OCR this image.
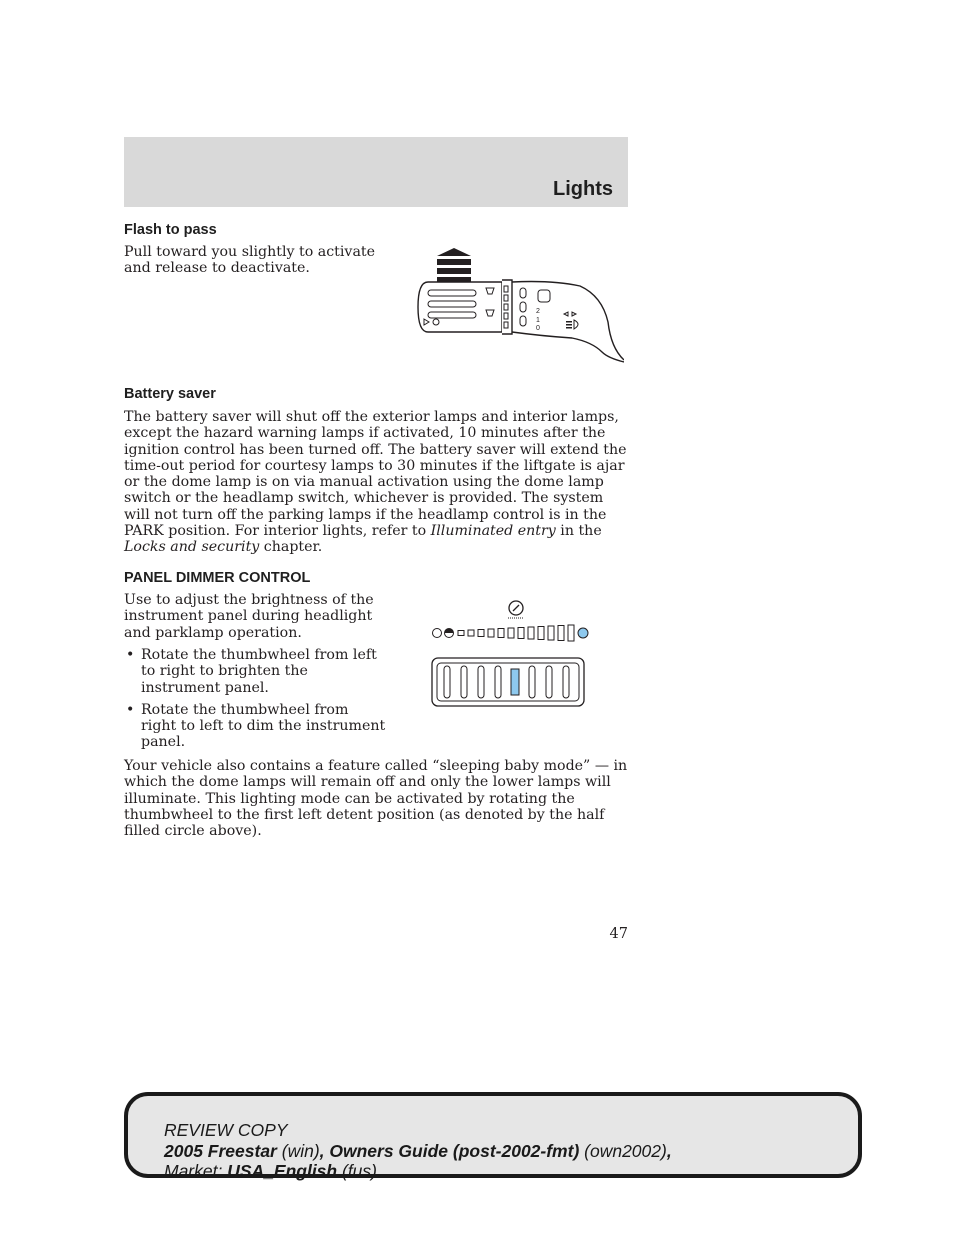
Lights
Flash to pass

Pull toward you slightly to activate and release to deactivate.

2
1
0
Battery saver

The battery saver will shut off the exterior lamps and interior lamps, except the hazard warning lamps if activated, 10 minutes after the ignition control has been turned off. The battery saver will extend the time-out period for courtesy lamps to 30 minutes if the liftgate is ajar or the dome lamp is on via manual activation using the dome lamp switch or the headlamp switch, whichever is provided. The system will not turn off the parking lamps if the headlamp control is in the PARK position. For interior lights, refer to Illuminated entry in the Locks and security chapter.

PANEL DIMMER CONTROL

Use to adjust the brightness of the instrument panel during headlight and parklamp operation.

• Rotate the thumbwheel from left to right to brighten the instrument panel.
• Rotate the thumbwheel from right to left to dim the instrument panel.

Your vehicle also contains a feature called “sleeping baby mode” — in which the dome lamps will remain off and only the lower lamps will illuminate. This lighting mode can be activated by rotating the thumbwheel to the first left detent position (as denoted by the half filled circle above).

47

REVIEW COPY

2005 Freestar (win), Owners Guide (post-2002-fmt) (own2002),

Market: USA_English (fus)
